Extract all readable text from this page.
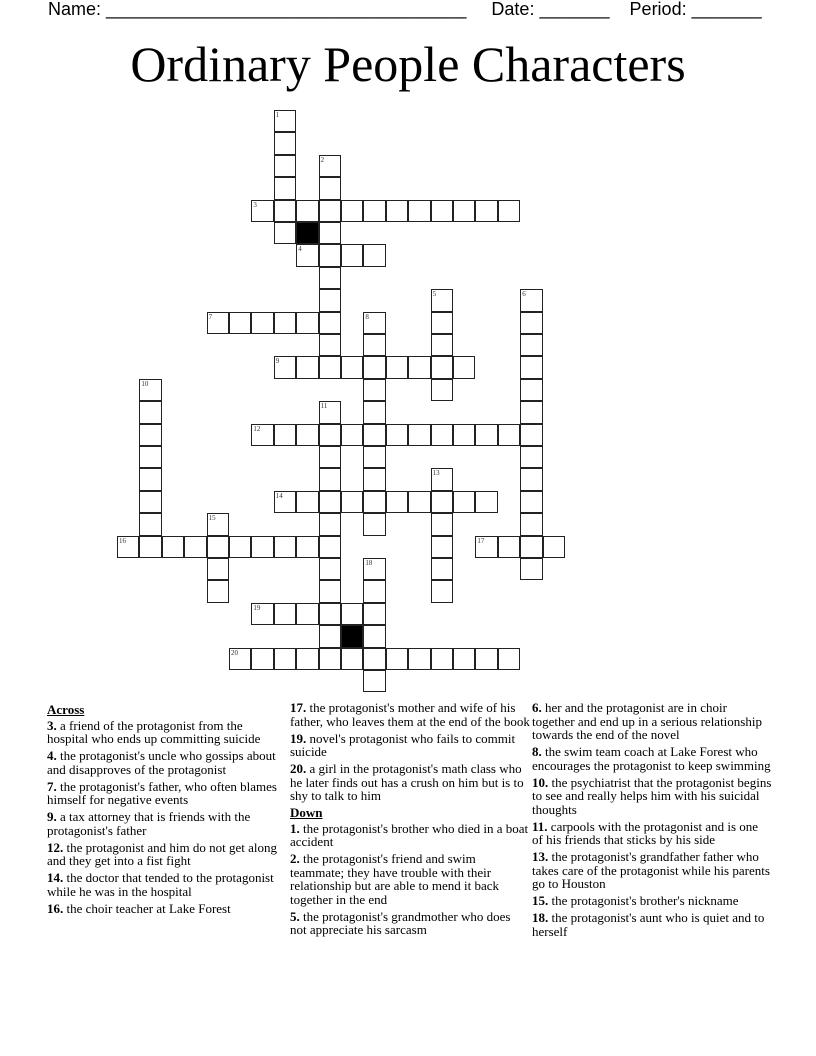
Name: ____________________________________ Date: _______ Period: _______
Ordinary People Characters
1
2
3
4
5	6
7	8
9
10
11
12
13
14
15
16	17
18
19
20
Across
3. a friend of the protagonist from the hospital who ends up committing suicide
4. the protagonist's uncle who gossips about and disapproves of the protagonist
7. the protagonist's father, who often blames himself for negative events
9. a tax attorney that is friends with the protagonist's father
12. the protagonist and him do not get along and they get into a fist fight
14. the doctor that tended to the protagonist while he was in the hospital
16. the choir teacher at Lake Forest
17. the protagonist's mother and wife of his father, who leaves them at the end of the book
19. novel's protagonist who fails to commit suicide
20. a girl in the protagonist's math class who he later finds out has a crush on him but is to shy to talk to him
Down
1. the protagonist's brother who died in a boat accident
2. the protagonist's friend and swim teammate; they have trouble with their relationship but are able to mend it back together in the end
5. the protagonist's grandmother who does not appreciate his sarcasm
6. her and the protagonist are in choir together and end up in a serious relationship towards the end of the novel
8. the swim team coach at Lake Forest who encourages the protagonist to keep swimming
10. the psychiatrist that the protagonist begins to see and really helps him with his suicidal thoughts
11. carpools with the protagonist and is one of his friends that sticks by his side
13. the protagonist's grandfather father who takes care of the protagonist while his parents go to Houston
15. the protagonist's brother's nickname
18. the protagonist's aunt who is quiet and to herself
